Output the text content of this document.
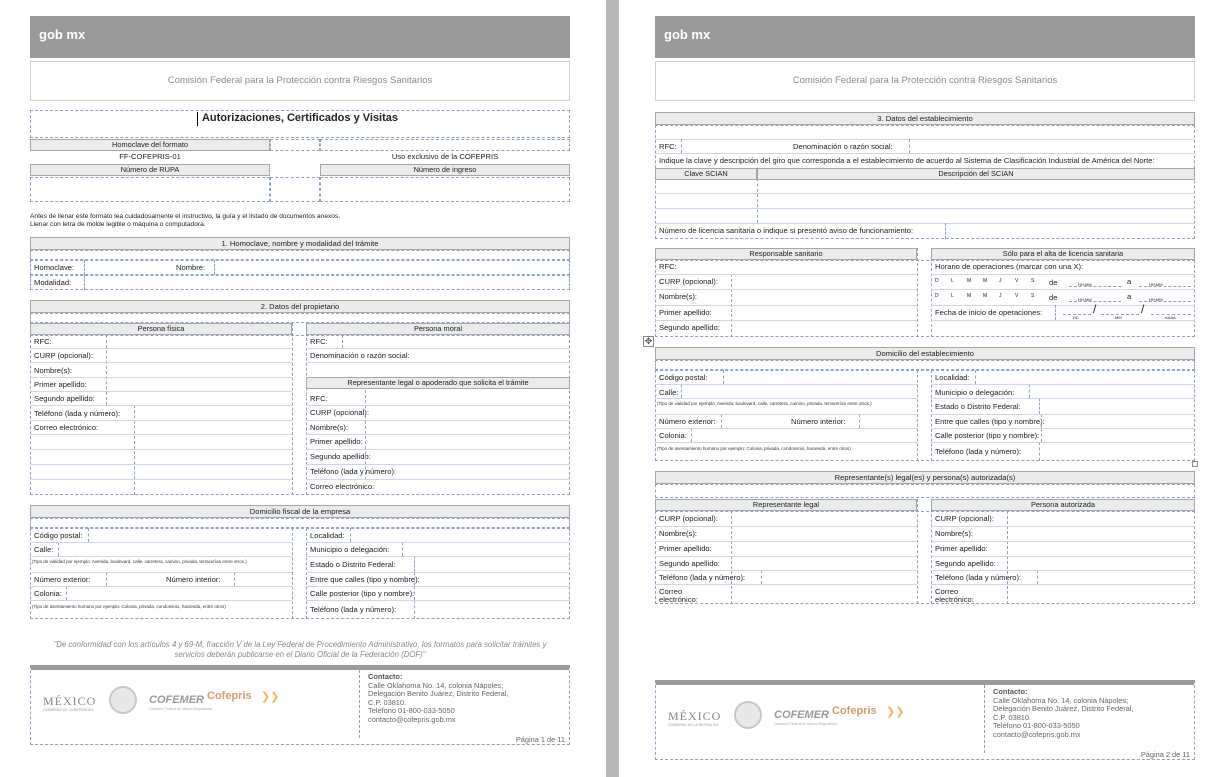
gob mx
Comisión Federal para la Protección contra Riesgos Sanitarios
Autorizaciones, Certificados y Visitas
Homoclave del formato
FF-COFEPRIS-01	Uso exclusivo de la COFEPRIS
Número de RUPA	Número de ingreso
Antes de llenar este formato lea cuidadosamente el instructivo, la guía y el listado de documentos anexos.
Llenar con letra de molde legible o máquina o computadora.
1. Homoclave, nombre y modalidad del trámite
Homoclave:	Nombre:
Modalidad:
2. Datos del propietario
Persona física	Persona moral
RFC:
CURP (opcional):
Nombre(s):
Primer apellido:
Segundo apellido:
Teléfono (lada y número):
Correo electrónico:
RFC:
Denominación o razón social:
Representante legal o apoderado que solicita el trámite
RFC:
CURP (opcional):
Nombre(s):
Primer apellido:
Segundo apellido:
Teléfono (lada y número):
Correo electrónico:
Domicilio fiscal de la empresa
Código postal:
Calle:
(Tipo de vialidad por ejemplo: Avenida, boulevard, calle, carretera, camino, privada, terracerían entre otros.)
Número exterior:	Número interior:
Colonia:
(Tipo de asentamiento humano por ejemplo: Colonia, privada, condominio, hacienda, entre otros)
Localidad:
Municipio o delegación:
Estado o Distrito Federal:
Entre que calles (tipo y nombre):
Calle posterior (tipo y nombre):
Teléfono (lada y número):
"De conformidad con los artículos 4 y 69-M, fracción V de la Ley Federal de Procedimiento Administrativo, los formatos para solicitar trámites y servicios deberán publicarse en el Diario Oficial de la Federación (DOF)"
MÉXICO
GOBIERNO DE LA REPÚBLICA
COFEMER
Comisión Federal de Mejora Regulatoria
Cofepris ❯❯
Contacto:
Calle Oklahoma No. 14, colonia Nápoles;
Delegación Benito Juárez, Distrito Federal,
C.P. 03810.
Teléfono 01-800-033-5050
contacto@cofepris.gob.mx
Página 1 de 11
gob mx
Comisión Federal para la Protección contra Riesgos Sanitarios
3. Datos del establecimiento
RFC:	Denominación o razón social:
Indique la clave y descripción del giro que corresponda a el establecimiento de acuerdo al Sistema de Clasificación Industrial de América del Norte:
Clave SCIAN	Descripción del SCIAN
Número de licencia sanitaria o indique si presentó aviso de funcionamiento:
Responsable sanitario	Sólo para el alta de licencia sanitaria
RFC:
CURP (opcional):
Nombre(s):
Primer apellido:
Segundo apellido:
Horario de operaciones (marcar con una X):
D L	M M J	V	S de	HH:MM	a	HH:MM
D L	M M J	V	S de	HH:MM	a	HH:MM
Fecha de inicio de operaciones:	/	/
DD	MM	AAAA
Domicilio del establecimiento
Código postal:
Calle:
(Tipo de vialidad por ejemplo: Avenida, boulevard, calle, carretera, camino, privada, terracerían entre otros.)
Número exterior:	Número interior:
Colonia:
(Tipo de asentamiento humano por ejemplo: Colonia, privada, condominio, hacienda, entre otros)
Localidad:
Municipio o delegación:
Estado o Distrito Federal:
Entre que calles (tipo y nombre):
Calle posterior (tipo y nombre):
Teléfono (lada y número):
Representante(s) legal(es) y persona(s) autorizada(s)
Representante legal	Persona autorizada
CURP (opcional):
Nombre(s):
Primer apellido:
Segundo apellido:
Teléfono (lada y número):
Correo electrónico:
CURP (opcional):
Nombre(s):
Primer apellido:
Segundo apellido:
Teléfono (lada y número):
Correo electrónico:
MÉXICO
GOBIERNO DE LA REPÚBLICA
COFEMER
Comisión Federal de Mejora Regulatoria
Cofepris ❯❯
Contacto:
Calle Oklahoma No. 14, colonia Nápoles;
Delegación Benito Juárez, Distrito Federal,
C.P. 03810.
Teléfono 01-800-033-5050
contacto@cofepris.gob.mx
Página 2 de 11
✥
